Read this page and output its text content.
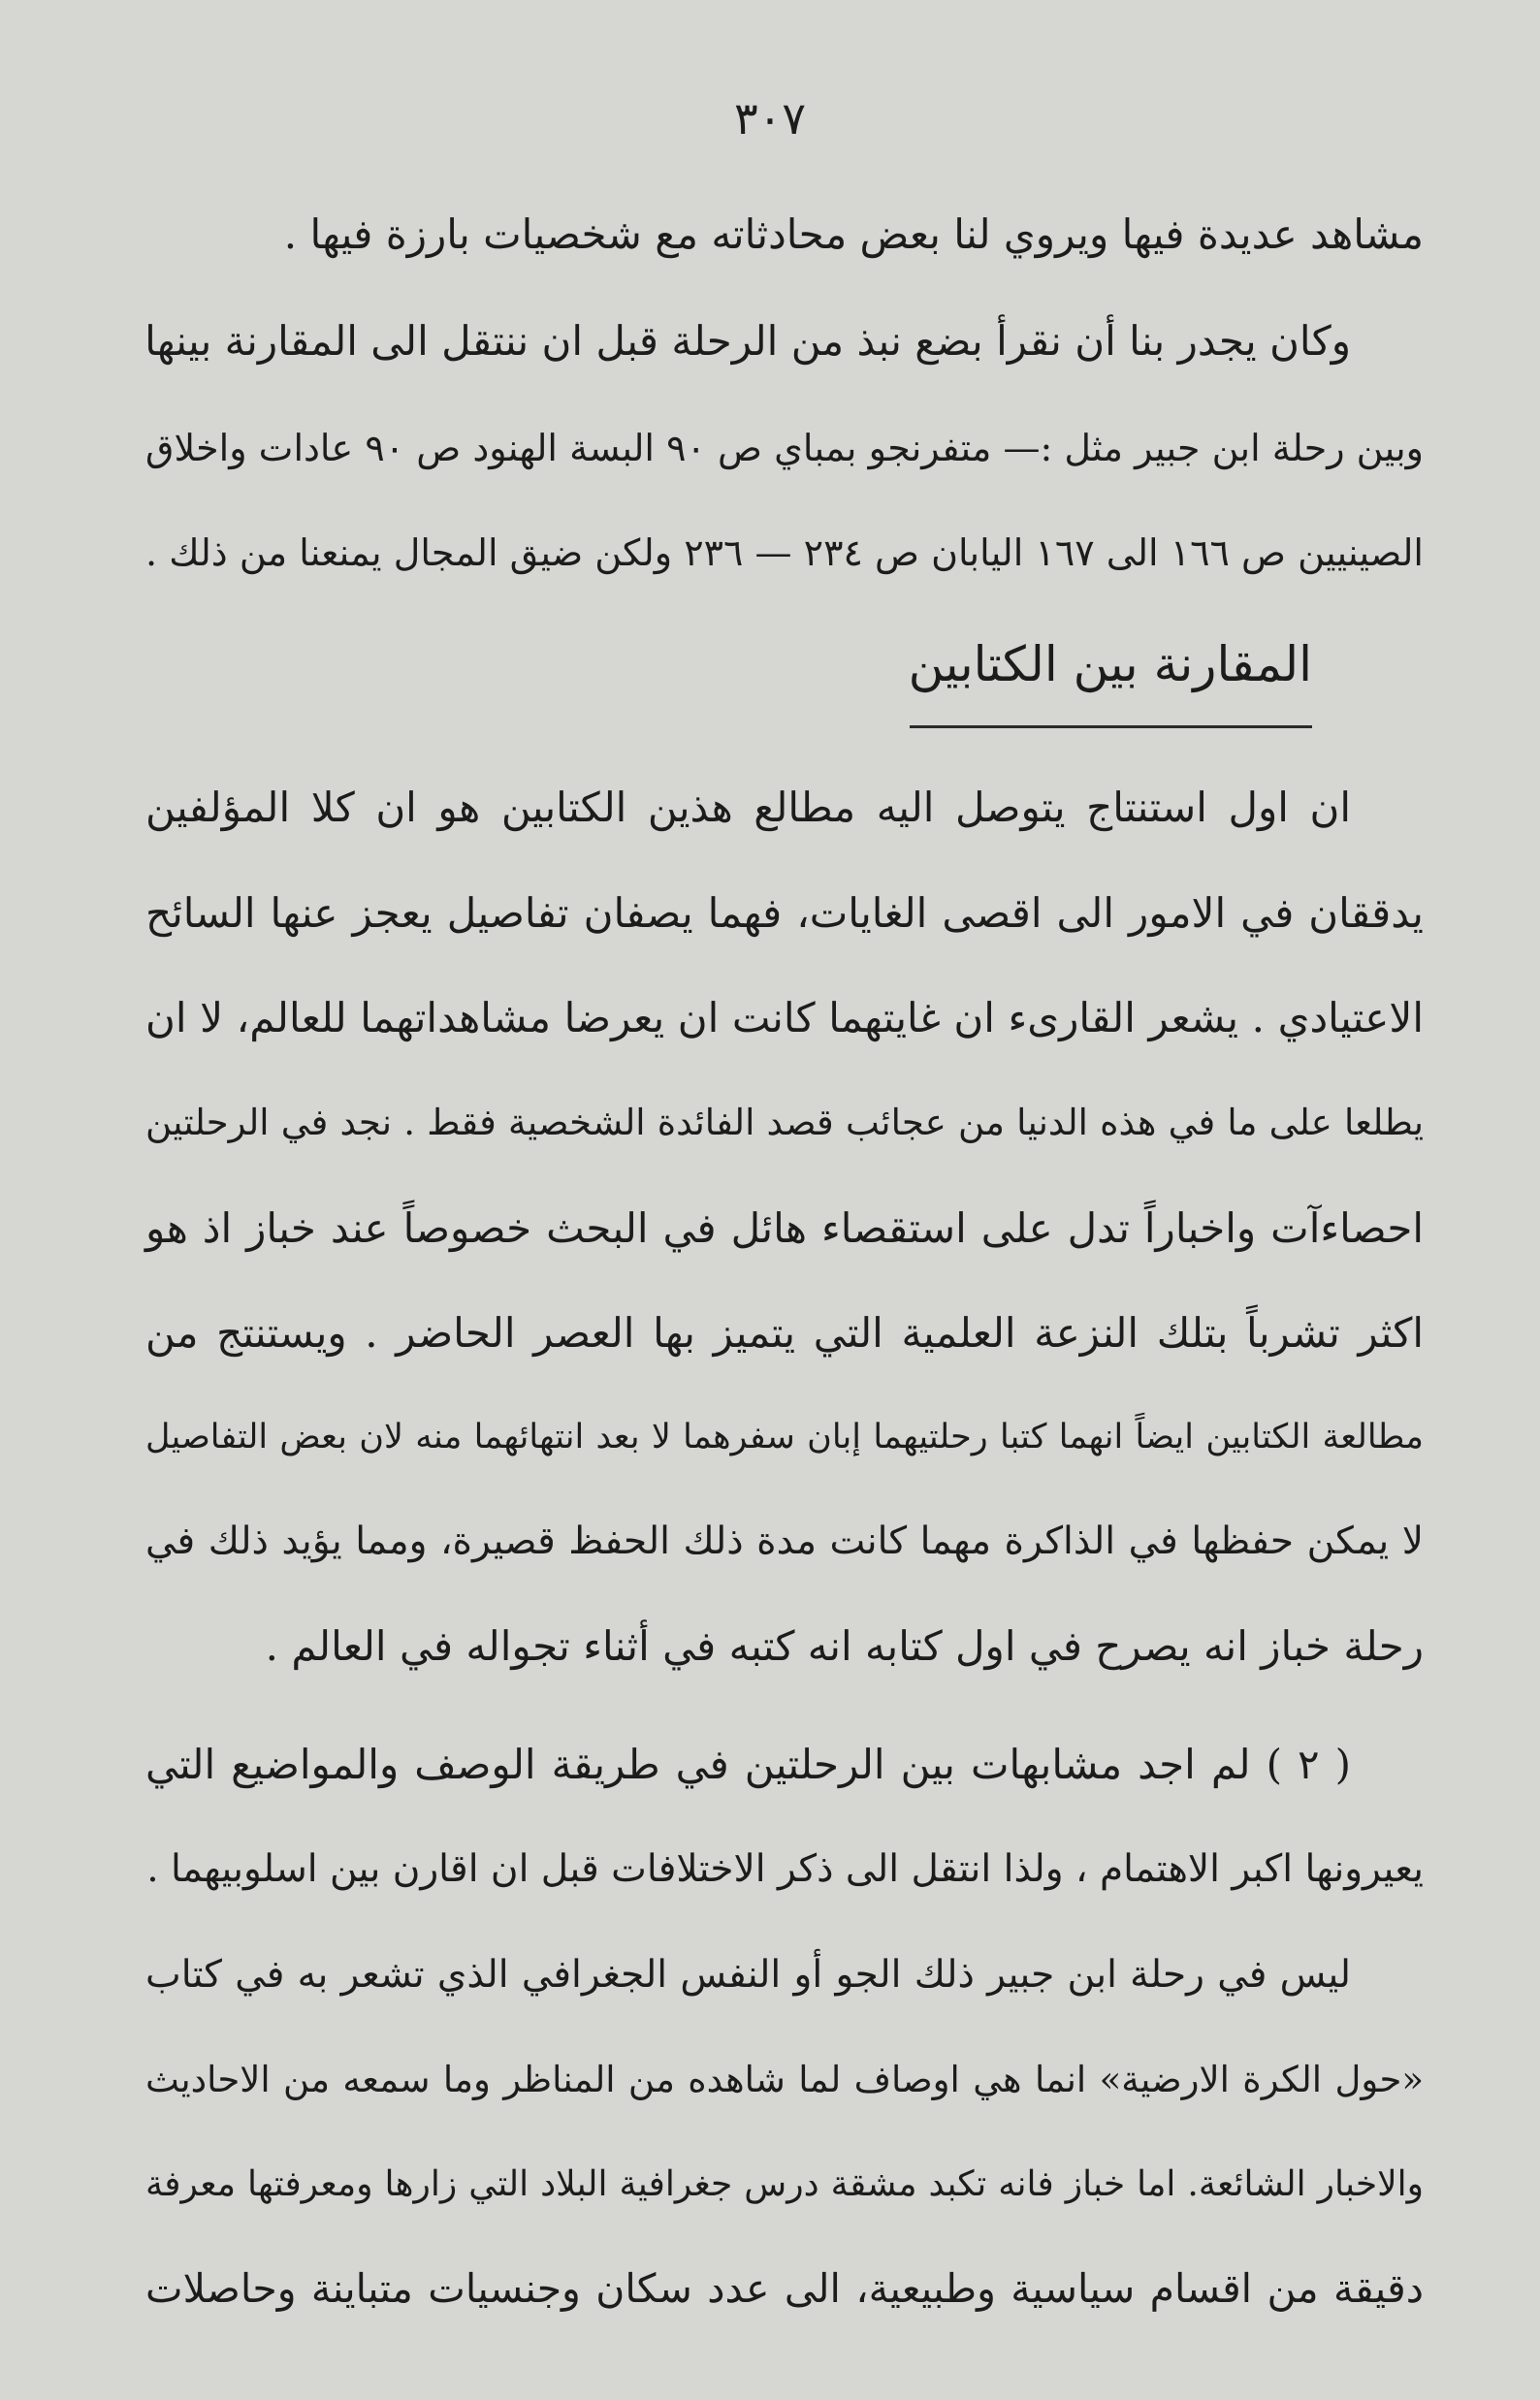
٣٠٧
مشاهد عديدة فيها ويروي لنا بعض محادثاته مع شخصيات بارزة فيها .
وكان يجدر بنا أن نقرأ بضع نبذ من الرحلة قبل ان ننتقل الى المقارنة بينها
وبين رحلة ابن جبير مثل :— متفرنجو بمباي ص ٩٠ البسة الهنود ص ٩٠ عادات واخلاق
الصينيين ص ١٦٦ الى ١٦٧ اليابان ص ٢٣٤ — ٢٣٦ ولكن ضيق المجال يمنعنا من ذلك .
المقارنة بين الكتابين
ان اول استنتاج يتوصل اليه مطالع هذين الكتابين هو ان كلا المؤلفين
يدققان في الامور الى اقصى الغايات، فهما يصفان تفاصيل يعجز عنها السائح
الاعتيادي . يشعر القارىء ان غايتهما كانت ان يعرضا مشاهداتهما للعالم، لا ان
يطلعا على ما في هذه الدنيا من عجائب قصد الفائدة الشخصية فقط . نجد في الرحلتين
احصاءآت واخباراً تدل على استقصاء هائل في البحث خصوصاً عند خباز اذ هو
اكثر تشرباً بتلك النزعة العلمية التي يتميز بها العصر الحاضر . ويستنتج من
مطالعة الكتابين ايضاً انهما كتبا رحلتيهما إبان سفرهما لا بعد انتهائهما منه لان بعض التفاصيل
لا يمكن حفظها في الذاكرة مهما كانت مدة ذلك الحفظ قصيرة، ومما يؤيد ذلك في
رحلة خباز انه يصرح في اول كتابه انه كتبه في أثناء تجواله في العالم .
( ٢ ) لم اجد مشابهات بين الرحلتين في طريقة الوصف والمواضيع التي
يعيرونها اكبر الاهتمام ، ولذا انتقل الى ذكر الاختلافات قبل ان اقارن بين اسلوبيهما .
ليس في رحلة ابن جبير ذلك الجو أو النفس الجغرافي الذي تشعر به في كتاب
«حول الكرة الارضية» انما هي اوصاف لما شاهده من المناظر وما سمعه من الاحاديث
والاخبار الشائعة. اما خباز فانه تكبد مشقة درس جغرافية البلاد التي زارها ومعرفتها معرفة
دقيقة من اقسام سياسية وطبيعية، الى عدد سكان وجنسيات متباينة وحاصلات
